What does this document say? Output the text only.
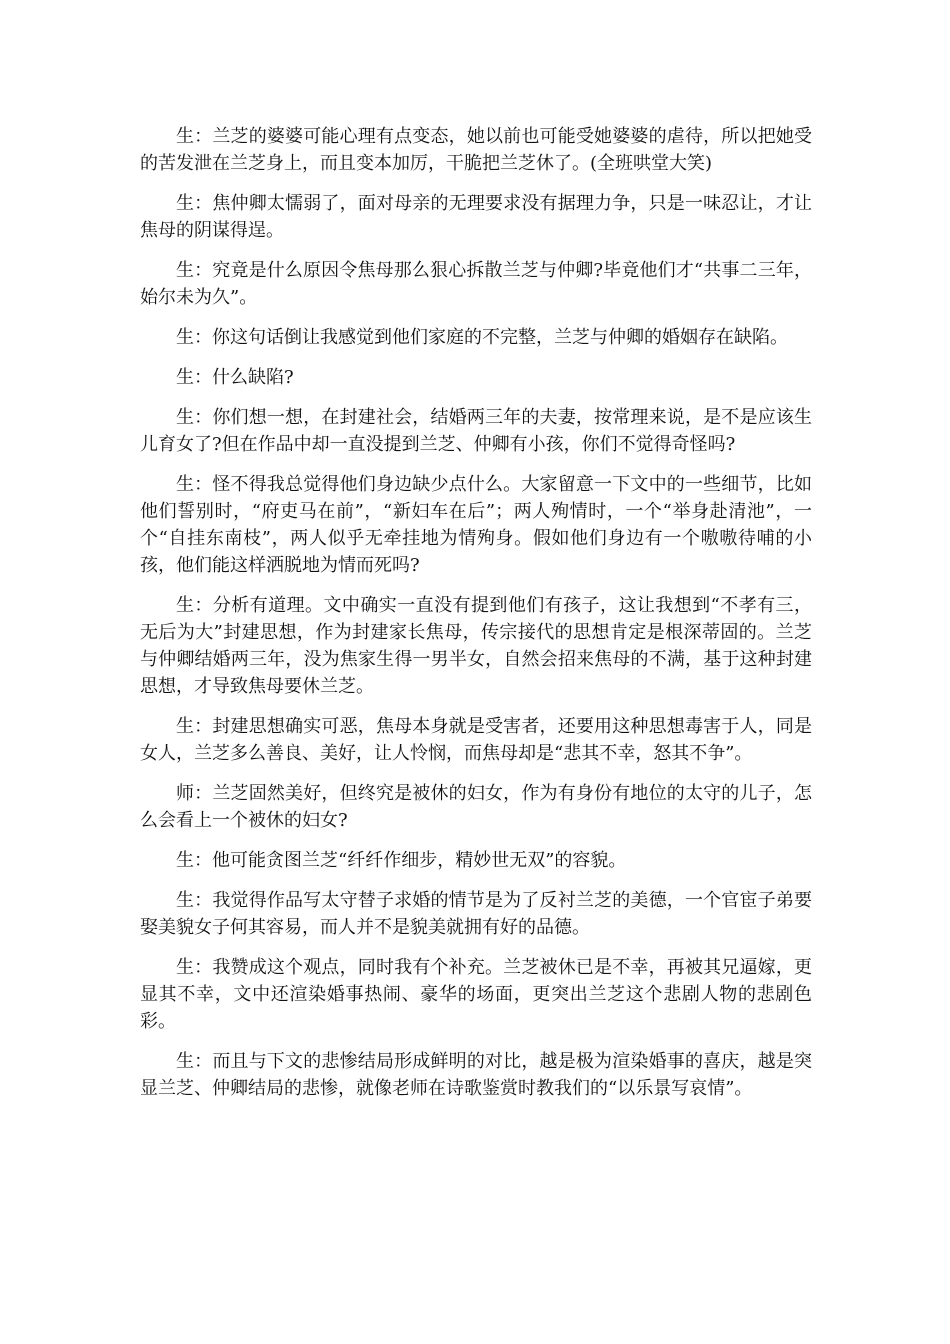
生：兰芝的婆婆可能心理有点变态，她以前也可能受她婆婆的虐待，所以把她受的苦发泄在兰芝身上，而且变本加厉，干脆把兰芝休了。(全班哄堂大笑)

生：焦仲卿太懦弱了，面对母亲的无理要求没有据理力争，只是一味忍让，才让焦母的阴谋得逞。

生：究竟是什么原因令焦母那么狠心拆散兰芝与仲卿?毕竟他们才“共事二三年，始尔未为久”。

生：你这句话倒让我感觉到他们家庭的不完整，兰芝与仲卿的婚姻存在缺陷。

生：什么缺陷?

生：你们想一想，在封建社会，结婚两三年的夫妻，按常理来说，是不是应该生儿育女了?但在作品中却一直没提到兰芝、仲卿有小孩，你们不觉得奇怪吗?

生：怪不得我总觉得他们身边缺少点什么。大家留意一下文中的一些细节，比如他们誓别时，“府吏马在前”，“新妇车在后”；两人殉情时，一个“举身赴清池”，一个“自挂东南枝”，两人似乎无牵挂地为情殉身。假如他们身边有一个嗷嗷待哺的小孩，他们能这样洒脱地为情而死吗?

生：分析有道理。文中确实一直没有提到他们有孩子，这让我想到“不孝有三，无后为大”封建思想，作为封建家长焦母，传宗接代的思想肯定是根深蒂固的。兰芝与仲卿结婚两三年，没为焦家生得一男半女，自然会招来焦母的不满，基于这种封建思想，才导致焦母要休兰芝。

生：封建思想确实可恶，焦母本身就是受害者，还要用这种思想毒害于人，同是女人，兰芝多么善良、美好，让人怜悯，而焦母却是“悲其不幸，怒其不争”。

师：兰芝固然美好，但终究是被休的妇女，作为有身份有地位的太守的儿子，怎么会看上一个被休的妇女?

生：他可能贪图兰芝“纤纤作细步，精妙世无双”的容貌。

生：我觉得作品写太守替子求婚的情节是为了反衬兰芝的美德，一个官宦子弟要娶美貌女子何其容易，而人并不是貌美就拥有好的品德。

生：我赞成这个观点，同时我有个补充。兰芝被休已是不幸，再被其兄逼嫁，更显其不幸，文中还渲染婚事热闹、豪华的场面，更突出兰芝这个悲剧人物的悲剧色彩。

生：而且与下文的悲惨结局形成鲜明的对比，越是极为渲染婚事的喜庆，越是突显兰芝、仲卿结局的悲惨，就像老师在诗歌鉴赏时教我们的“以乐景写哀情”。
